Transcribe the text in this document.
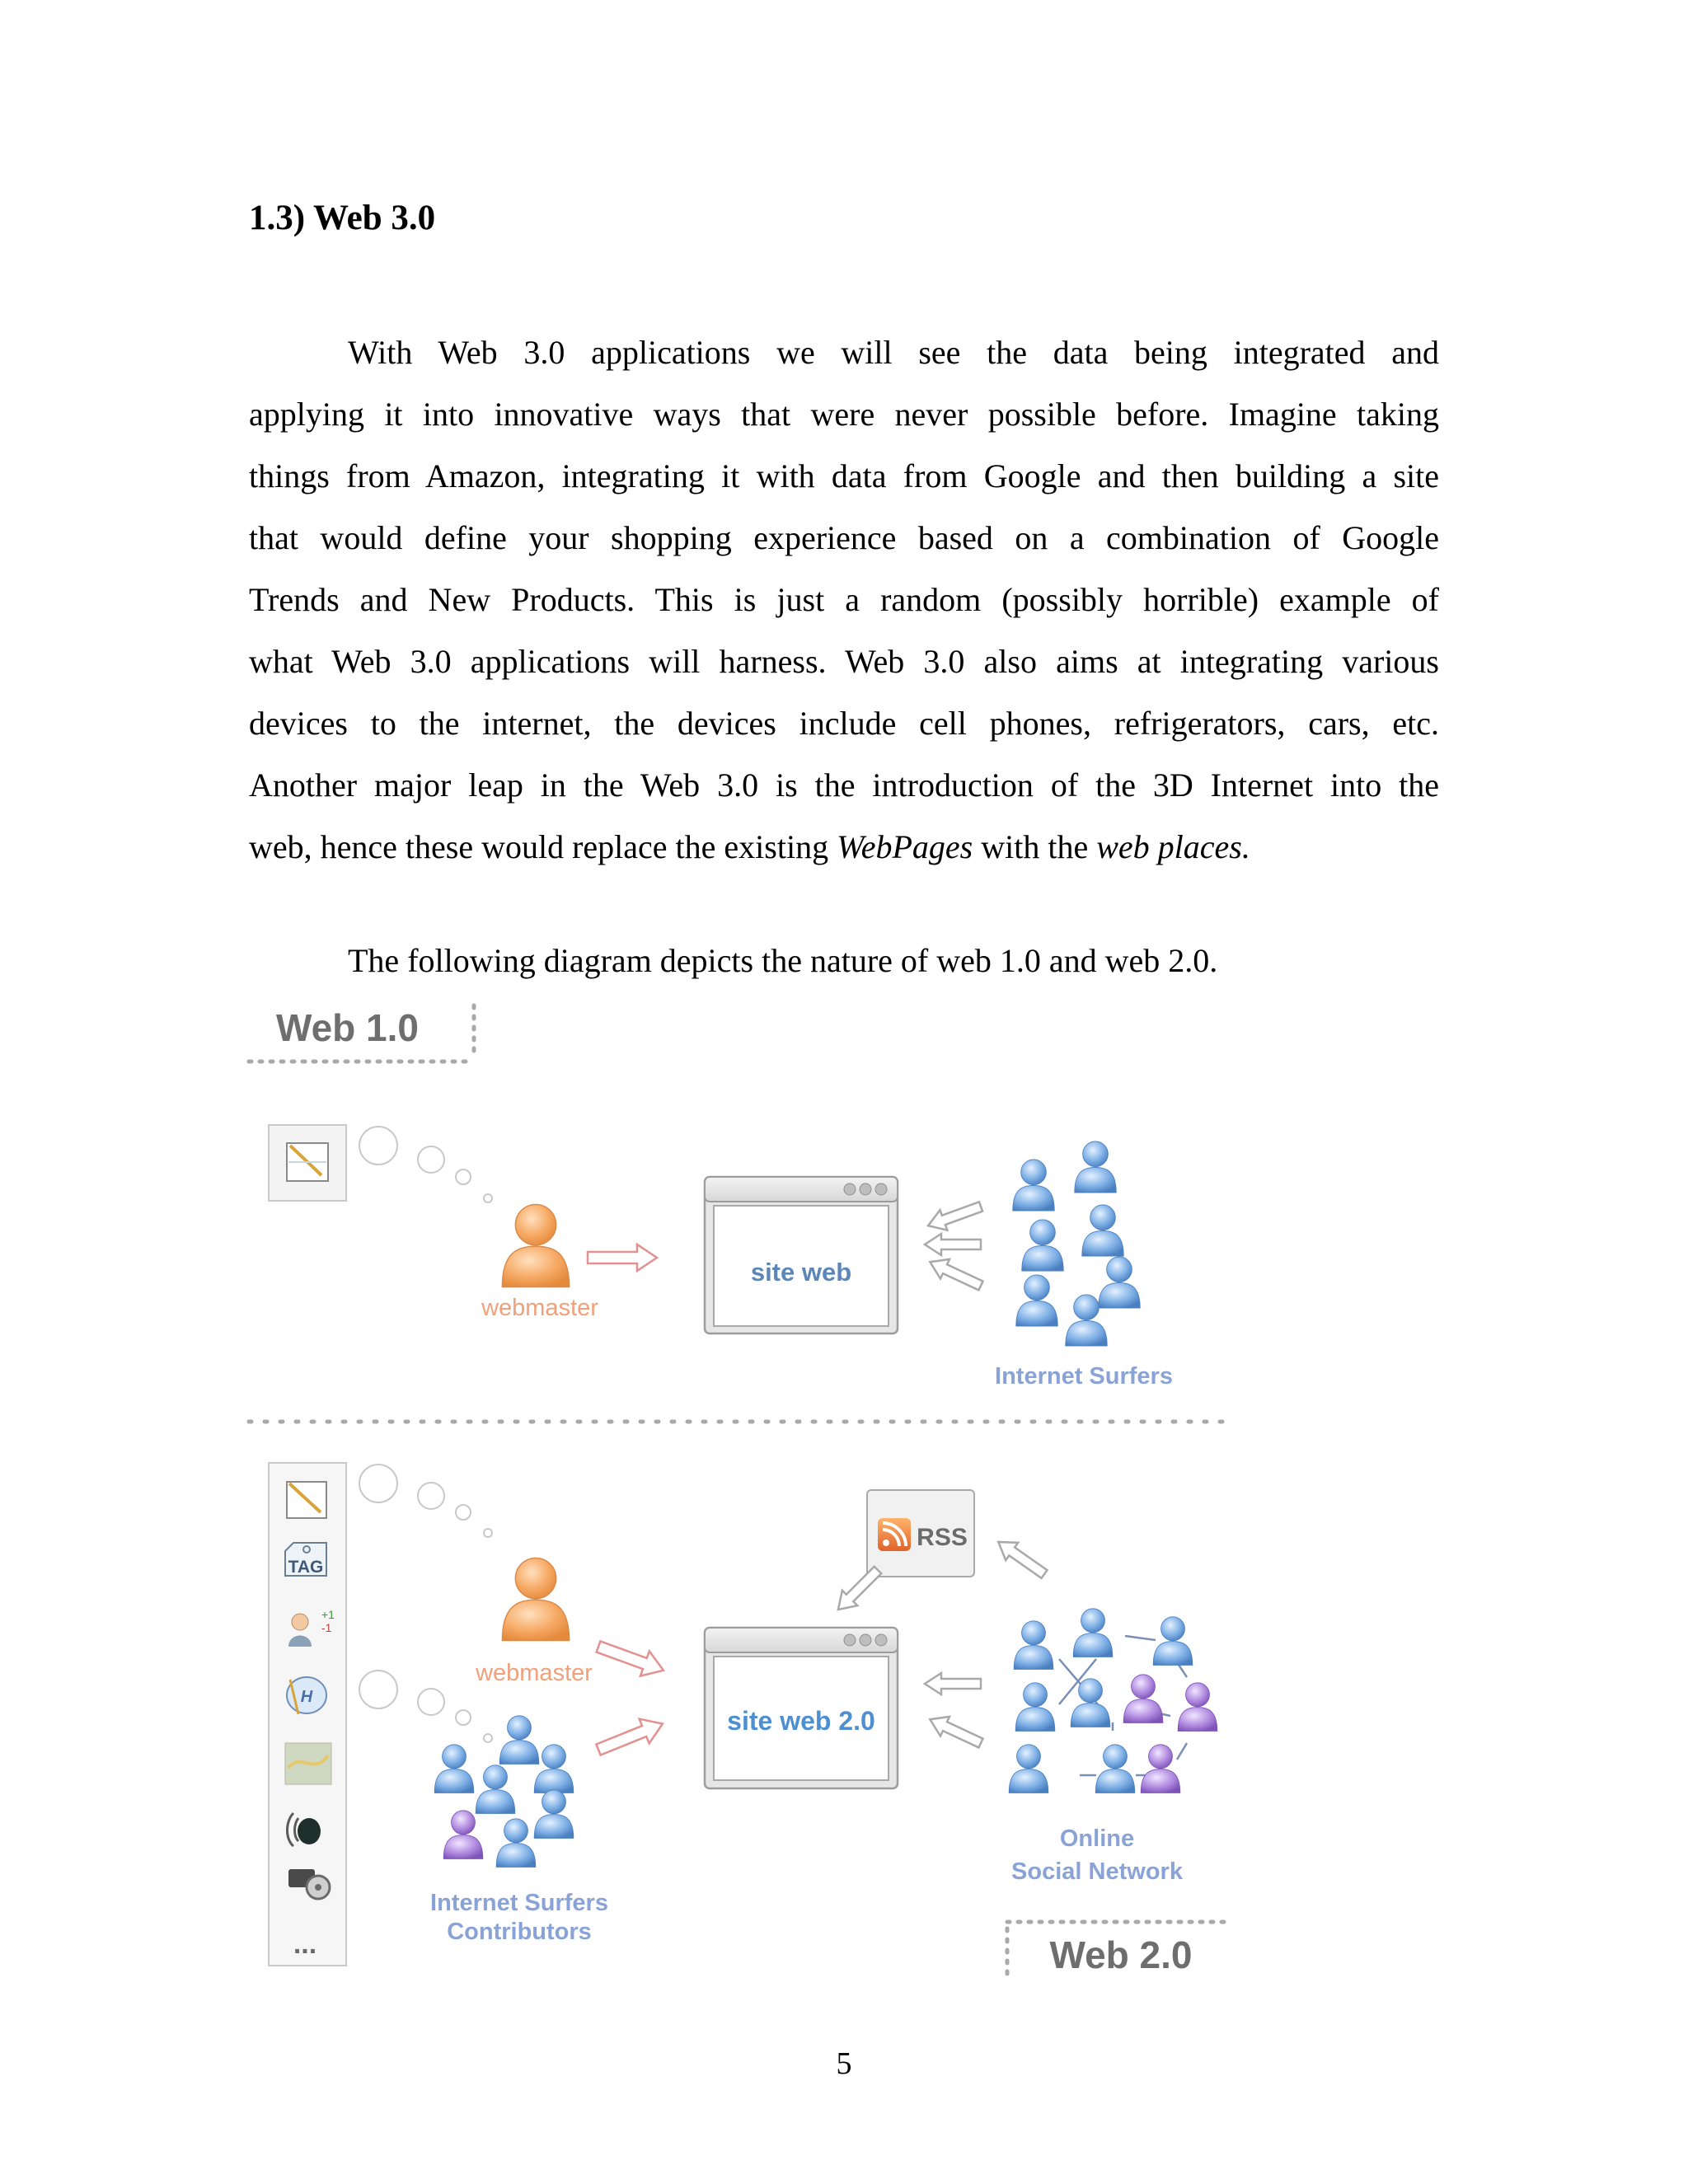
1.3) Web 3.0
With Web 3.0 applications we will see the data being integrated and
applying it into innovative ways that were never possible before. Imagine taking
things from Amazon, integrating it with data from Google and then building a site
that would define your shopping experience based on a combination of Google
Trends and New Products. This is just a random (possibly horrible) example of
what Web 3.0 applications will harness. Web 3.0 also aims at integrating various
devices to the internet, the devices include cell phones, refrigerators, cars, etc.
Another major leap in the Web 3.0 is the introduction of the 3D Internet into the
web, hence these would replace the existing WebPages with the web places.

The following diagram depicts the nature of web 1.0 and web 2.0.

Web 1.0
webmaster
site web
Internet Surfers
TAG
+1
-1
H
...
webmaster
Internet Surfers
Contributors
site web 2.0
RSS
Online
Social Network
Web 2.0

5
